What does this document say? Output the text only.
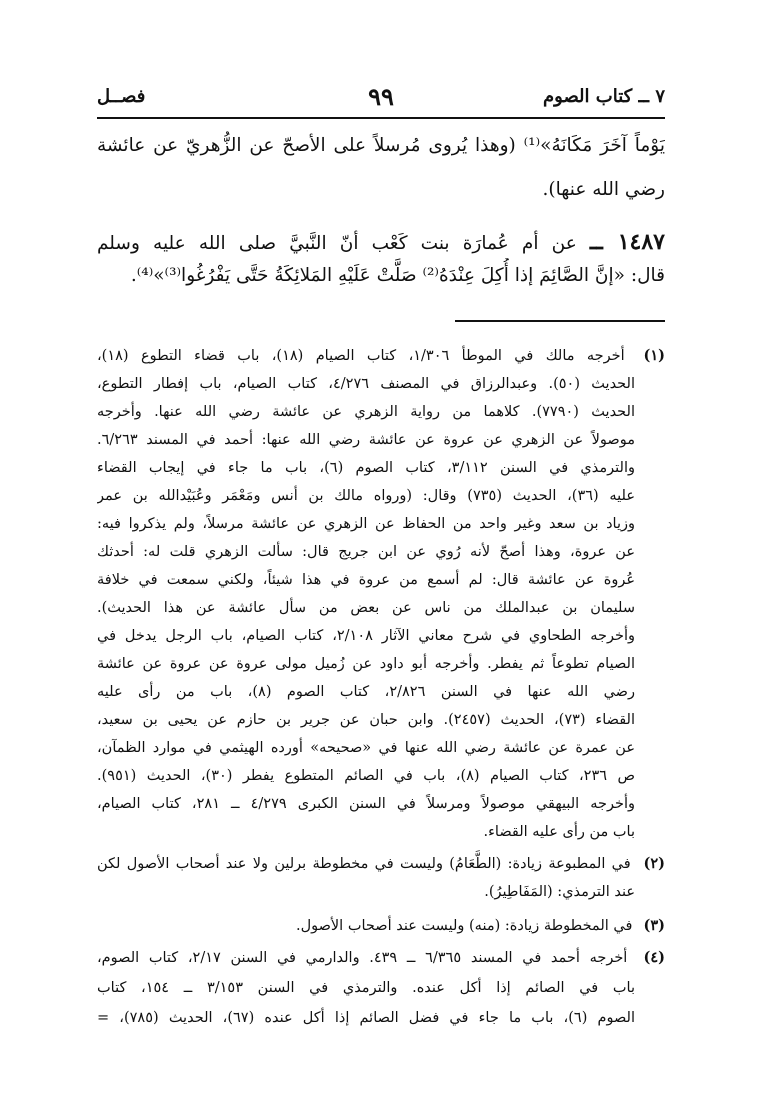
٧ ــ كتاب الصوم
٩٩
فصــل
يَوْماً آخَرَ مَكَانَهُ»⁽¹⁾ (وهذا يُروى مُرسلاً على الأصحّ عن الزُّهريّ عن عائشة
رضي الله عنها).
١٤٨٧ ــ عن أم عُمارَة بنت كَعْب أنّ النَّبيَّ صلى الله عليه وسلم
قال: «إنَّ الصَّائِمَ إذا أُكِلَ عِنْدَهُ⁽²⁾ صَلَّتْ عَلَيْهِ المَلائِكَةُ حَتَّى يَفْرُغُوا⁽³⁾»⁽⁴⁾.
(١) أخرجه مالك في الموطأ ١/٣٠٦، كتاب الصيام (١٨)، باب قضاء التطوع (١٨)،
الحديث (٥٠). وعبدالرزاق في المصنف ٤/٢٧٦، كتاب الصيام، باب إفطار التطوع،
الحديث (٧٧٩٠). كلاهما من رواية الزهري عن عائشة رضي الله عنها. وأخرجه
موصولاً عن الزهري عن عروة عن عائشة رضي الله عنها: أحمد في المسند ٦/٢٦٣.
والترمذي في السنن ٣/١١٢، كتاب الصوم (٦)، باب ما جاء في إيجاب القضاء
عليه (٣٦)، الحديث (٧٣٥) وقال: (ورواه مالك بن أنس ومَعْمَر وعُبَيْدالله بن عمر
وزياد بن سعد وغير واحد من الحفاظ عن الزهري عن عائشة مرسلاً، ولم يذكروا فيه:
عن عروة، وهذا أصحّ لأنه رُوي عن ابن جريج قال: سألت الزهري قلت له: أحدثك
عُروة عن عائشة قال: لم أسمع من عروة في هذا شيئاً، ولكني سمعت في خلافة
سليمان بن عبدالملك من ناس عن بعض من سأل عائشة عن هذا الحديث).
وأخرجه الطحاوي في شرح معاني الآثار ٢/١٠٨، كتاب الصيام، باب الرجل يدخل في
الصيام تطوعاً ثم يفطر. وأخرجه أبو داود عن زُميل مولى عروة عن عروة عن عائشة
رضي الله عنها في السنن ٢/٨٢٦، كتاب الصوم (٨)، باب من رأى عليه
القضاء (٧٣)، الحديث (٢٤٥٧). وابن حبان عن جرير بن حازم عن يحيى بن سعيد،
عن عمرة عن عائشة رضي الله عنها في «صحيحه» أورده الهيثمي في موارد الظمآن،
ص ٢٣٦، كتاب الصيام (٨)، باب في الصائم المتطوع يفطر (٣٠)، الحديث (٩٥١).
وأخرجه البيهقي موصولاً ومرسلاً في السنن الكبرى ٤/٢٧٩ ــ ٢٨١، كتاب الصيام،
باب من رأى عليه القضاء.
(٢) في المطبوعة زيادة: (الطَّعَامُ) وليست في مخطوطة برلين ولا عند أصحاب الأصول لكن
عند الترمذي: (المَفَاطِيرُ).
(٣) في المخطوطة زيادة: (منه) وليست عند أصحاب الأصول.
(٤) أخرجه أحمد في المسند ٦/٣٦٥ ــ ٤٣٩. والدارمي في السنن ٢/١٧، كتاب الصوم،
باب في الصائم إذا أكل عنده. والترمذي في السنن ٣/١٥٣ ــ ١٥٤، كتاب
الصوم (٦)، باب ما جاء في فضل الصائم إذا أكل عنده (٦٧)، الحديث (٧٨٥)، =
